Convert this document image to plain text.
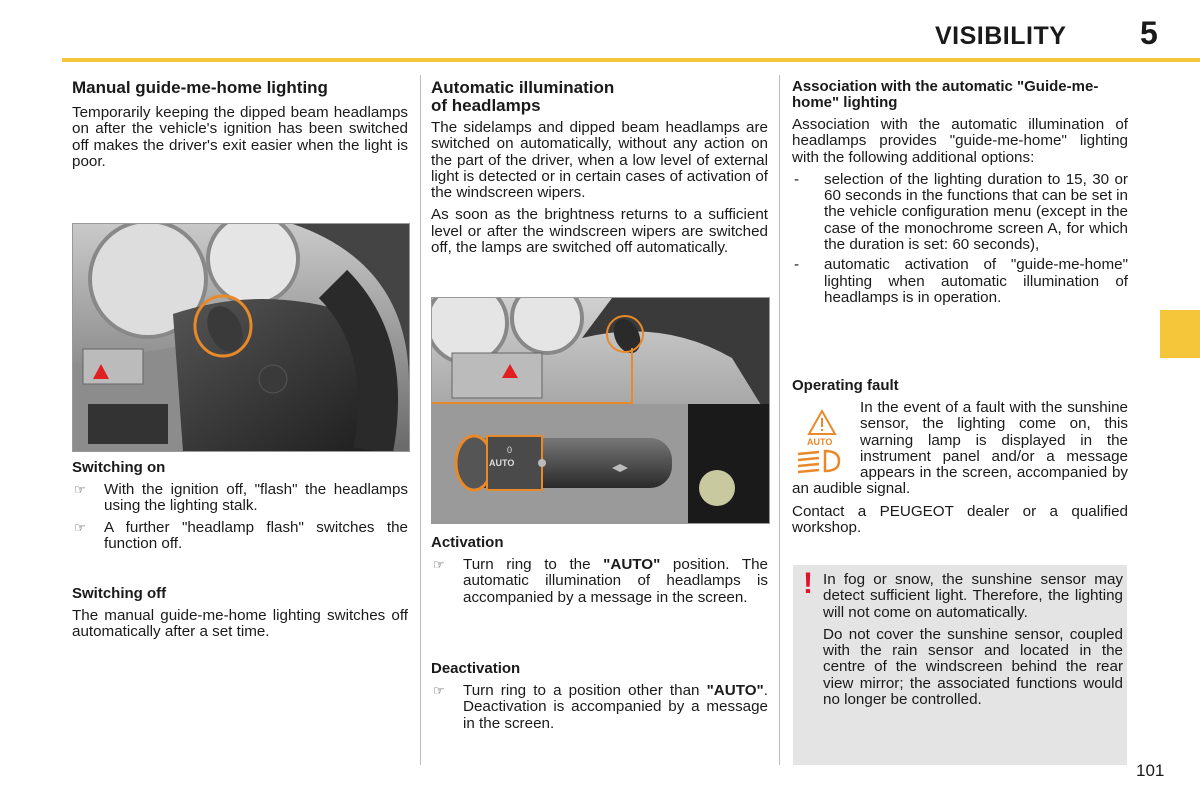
VISIBILITY 5
Manual guide-me-home lighting

Temporarily keeping the dipped beam headlamps on after the vehicle's ignition has been switched off makes the driver's exit easier when the light is poor.

Switching on
☞	With the ignition off, "flash" the headlamps using the lighting stalk.
☞	A further "headlamp flash" switches the function off.
Switching off

The manual guide-me-home lighting switches off automatically after a set time.

Automatic illumination
of headlamps

The sidelamps and dipped beam headlamps are switched on automatically, without any action on the part of the driver, when a low level of external light is detected or in certain cases of activation of the windscreen wipers.

As soon as the brightness returns to a sufficient level or after the windscreen wipers are switched off, the lamps are switched off automatically.

AUTO
0
Activation
☞	Turn ring to the "AUTO" position. The automatic illumination of headlamps is accompanied by a message in the screen.
Deactivation
☞	Turn ring to a position other than "AUTO". Deactivation is accompanied by a message in the screen.
Association with the automatic "Guide-me-home" lighting

Association with the automatic illumination of headlamps provides "guide-me-home" lighting with the following additional options:

-	selection of the lighting duration to 15, 30 or 60 seconds in the functions that can be set in the vehicle configuration menu (except in the case of the monochrome screen A, for which the duration is set: 60 seconds),
-	automatic activation of "guide-me-home" lighting when automatic illumination of headlamps is in operation.
Operating fault

In the event of a fault with the sunshine sensor, the lighting come on, this warning lamp is displayed in the instrument panel and/or a message appears in the screen, accompanied by an audible signal.

Contact a PEUGEOT dealer or a qualified workshop.

AUTO
! In fog or snow, the sunshine sensor may detect sufficient light. Therefore, the lighting will not come on automatically.

Do not cover the sunshine sensor, coupled with the rain sensor and located in the centre of the windscreen behind the rear view mirror; the associated functions would no longer be controlled.

101
